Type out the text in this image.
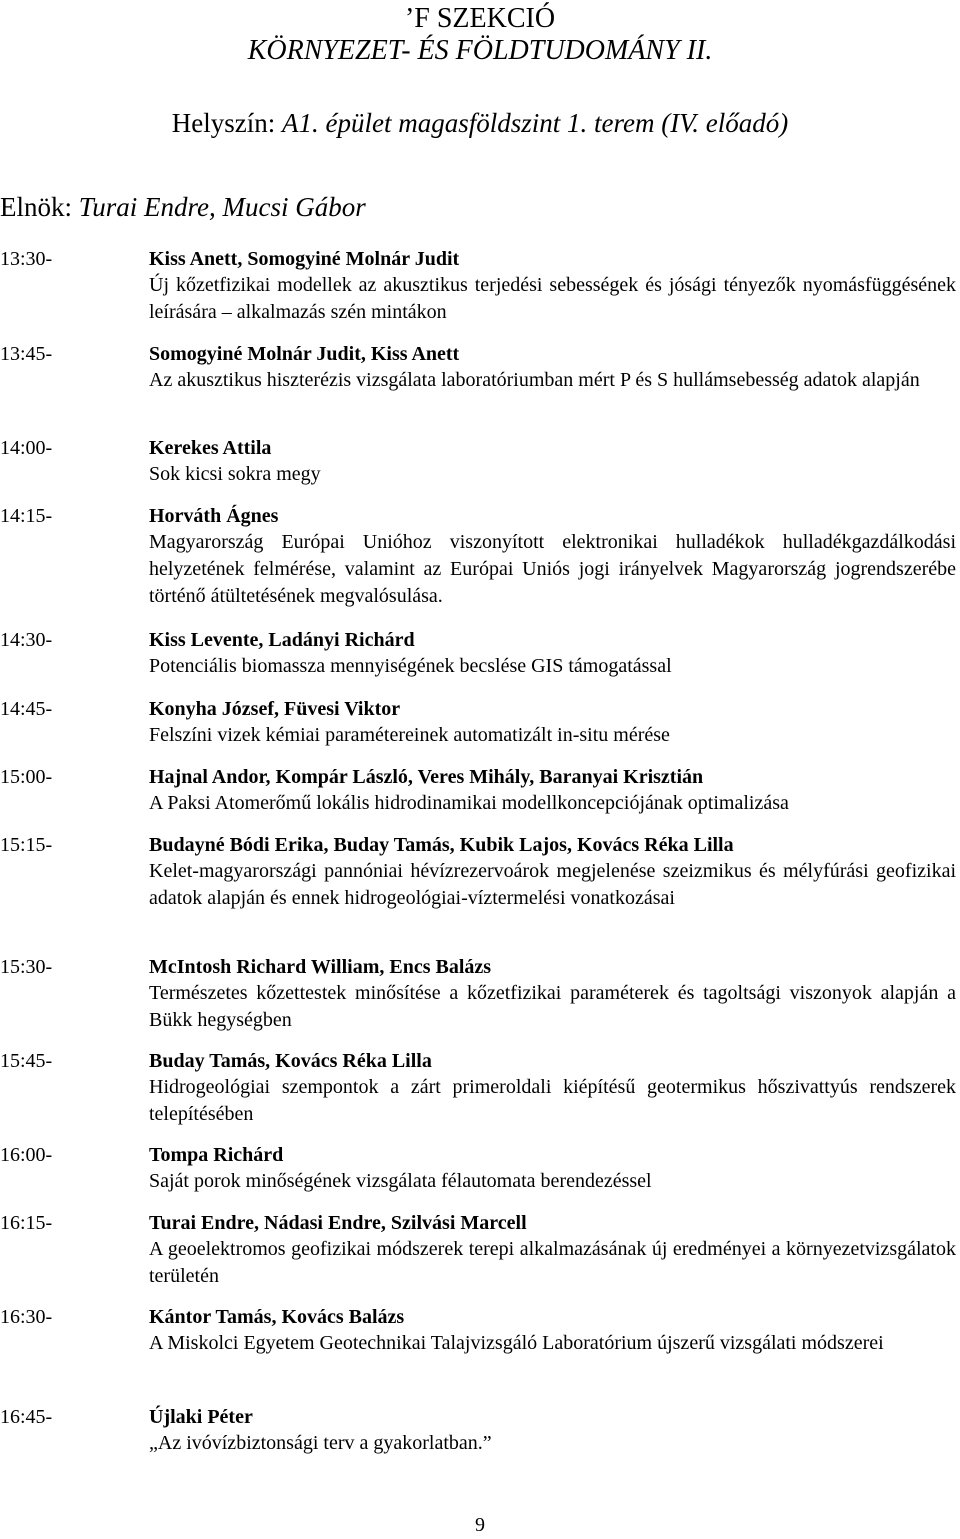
’F SZEKCIÓ
KÖRNYEZET- ÉS FÖLDTUDOMÁNY II.
Helyszín: A1. épület magasföldszint 1. terem (IV. előadó)
Elnök: Turai Endre, Mucsi Gábor
13:30-	Kiss Anett, Somogyiné Molnár Judit
Új kőzetfizikai modellek az akusztikus terjedési sebességek és jósági tényezők nyomásfüggésének leírására – alkalmazás szén mintákon
13:45-	Somogyiné Molnár Judit, Kiss Anett
Az akusztikus hiszterézis vizsgálata laboratóriumban mért P és S hullámsebesség adatok alapján
14:00-	Kerekes Attila
Sok kicsi sokra megy
14:15-	Horváth Ágnes
Magyarország Európai Unióhoz viszonyított elektronikai hulladékok hulladékgazdálkodási helyzetének felmérése, valamint az Európai Uniós jogi irányelvek Magyarország jogrendszerébe történő átültetésének megvalósulása.
14:30-	Kiss Levente, Ladányi Richárd
Potenciális biomassza mennyiségének becslése GIS támogatással
14:45-	Konyha József, Füvesi Viktor
Felszíni vizek kémiai paramétereinek automatizált in-situ mérése
15:00-	Hajnal Andor, Kompár László, Veres Mihály, Baranyai Krisztián
A Paksi Atomerőmű lokális hidrodinamikai modellkoncepciójának optimalizása
15:15-	Budayné Bódi Erika, Buday Tamás, Kubik Lajos, Kovács Réka Lilla
Kelet-magyarországi pannóniai hévízrezervoárok megjelenése szeizmikus és mélyfúrási geofizikai adatok alapján és ennek hidrogeológiai-víztermelési vonatkozásai
15:30-	McIntosh Richard William, Encs Balázs
Természetes kőzettestek minősítése a kőzetfizikai paraméterek és tagoltsági viszonyok alapján a Bükk hegységben
15:45-	Buday Tamás, Kovács Réka Lilla
Hidrogeológiai szempontok a zárt primeroldali kiépítésű geotermikus hőszivattyús rendszerek telepítésében
16:00-	Tompa Richárd
Saját porok minőségének vizsgálata félautomata berendezéssel
16:15-	Turai Endre, Nádasi Endre, Szilvási Marcell
A geoelektromos geofizikai módszerek terepi alkalmazásának új eredményei a környezetvizsgálatok területén
16:30-	Kántor Tamás, Kovács Balázs
A Miskolci Egyetem Geotechnikai Talajvizsgáló Laboratórium újszerű vizsgálati módszerei
16:45-	Újlaki Péter
„Az ivóvízbiztonsági terv a gyakorlatban.”
9
